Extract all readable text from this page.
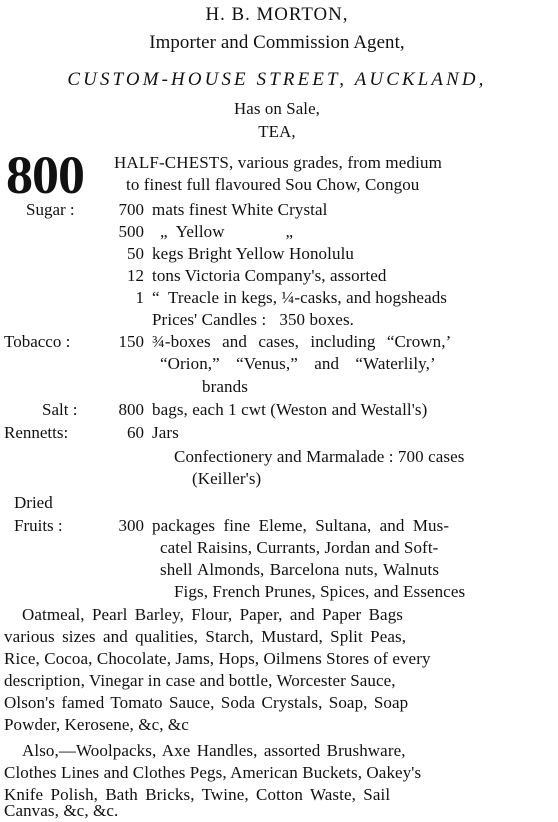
H. B. MORTON,
Importer and Commission Agent,
CUSTOM-HOUSE STREET, AUCKLAND,
Has on Sale,
TEA,
800 HALF-CHESTS, various grades, from medium
to finest full flavoured Sou Chow, Congou
Sugar :	700 mats finest White Crystal
500 „  Yellow              „
50 kegs Bright Yellow Honolulu
12 tons Victoria Company's, assorted
1 “  Treacle in kegs, ¼-casks, and hogsheads
Prices' Candles :   350 boxes.
Tobacco :	150 ¾-boxes and cases, including “Crown,’
“Orion,” “Venus,” and “Waterlily,’
brands
Salt :	800 bags, each 1 cwt (Weston and Westall's)
Rennetts:	60 Jars
Confectionery and Marmalade : 700 cases
(Keiller's)
Dried
Fruits :	300 packages fine Eleme, Sultana, and Mus-
catel Raisins, Currants, Jordan and Soft-
shell Almonds, Barcelona nuts, Walnuts
Figs, French Prunes, Spices, and Essences
Oatmeal, Pearl Barley, Flour, Paper, and Paper Bags
various sizes and qualities, Starch, Mustard, Split Peas,
Rice, Cocoa, Chocolate, Jams, Hops, Oilmens Stores of every
description, Vinegar in case and bottle, Worcester Sauce,
Olson's famed Tomato Sauce, Soda Crystals, Soap, Soap
Powder, Kerosene, &c, &c
Also,—Woolpacks, Axe Handles, assorted Brushware,
Clothes Lines and Clothes Pegs, American Buckets, Oakey's
Knife Polish, Bath Bricks, Twine, Cotton Waste, Sail
Canvas, &c, &c.
